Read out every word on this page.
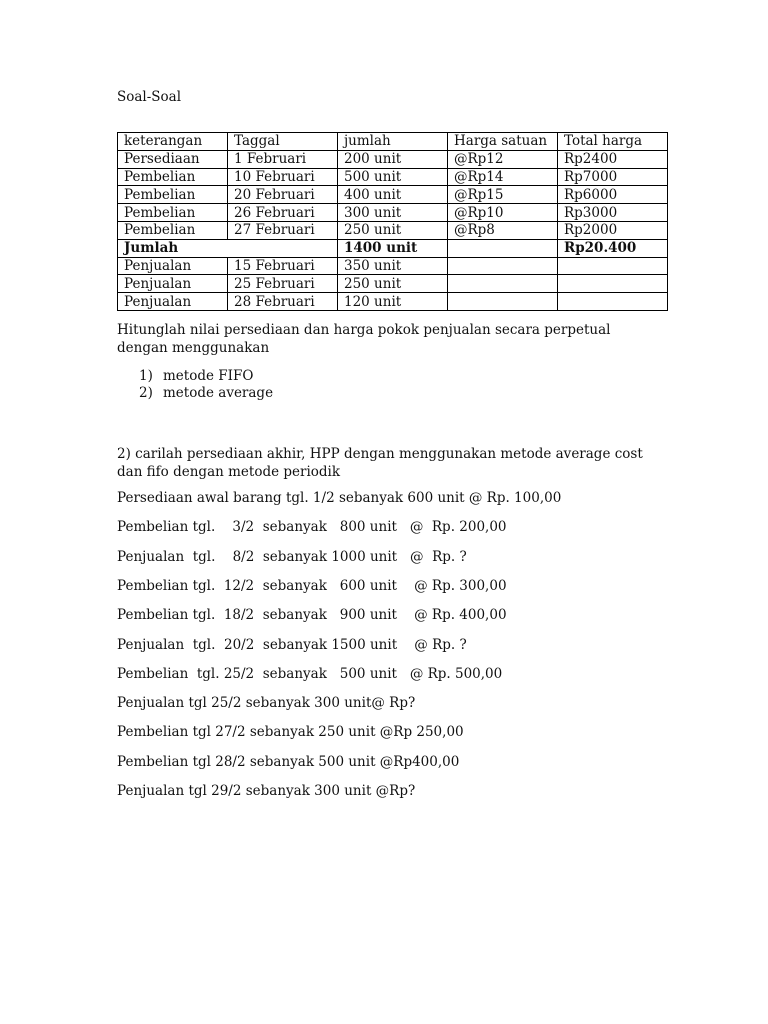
Soal-Soal
keterangan	Taggal	jumlah	Harga satuan	Total harga
Persediaan	1 Februari	200 unit	@Rp12	Rp2400
Pembelian	10 Februari	500 unit	@Rp14	Rp7000
Pembelian	20 Februari	400 unit	@Rp15	Rp6000
Pembelian	26 Februari	300 unit	@Rp10	Rp3000
Pembelian	27 Februari	250 unit	@Rp8	Rp2000
Jumlah		1400 unit		Rp20.400
Penjualan	15 Februari	350 unit		
Penjualan	25 Februari	250 unit		
Penjualan	28 Februari	120 unit		
Hitunglah nilai persediaan dan harga pokok penjualan secara perpetual dengan menggunakan
1) metode FIFO
2) metode average
2) carilah persediaan akhir, HPP dengan menggunakan metode average cost dan fifo dengan metode periodik
Persediaan awal barang tgl. 1/2 sebanyak 600 unit @ Rp. 100,00
Pembelian tgl.    3/2  sebanyak   800 unit   @  Rp. 200,00
Penjualan  tgl.    8/2  sebanyak 1000 unit   @  Rp. ?
Pembelian tgl.  12/2  sebanyak   600 unit    @ Rp. 300,00
Pembelian tgl.  18/2  sebanyak   900 unit    @ Rp. 400,00
Penjualan  tgl.  20/2  sebanyak 1500 unit    @ Rp. ?
Pembelian  tgl. 25/2  sebanyak   500 unit   @ Rp. 500,00
Penjualan tgl 25/2 sebanyak 300 unit@ Rp?
Pembelian tgl 27/2 sebanyak 250 unit @Rp 250,00
Pembelian tgl 28/2 sebanyak 500 unit @Rp400,00
Penjualan tgl 29/2 sebanyak 300 unit @Rp?
